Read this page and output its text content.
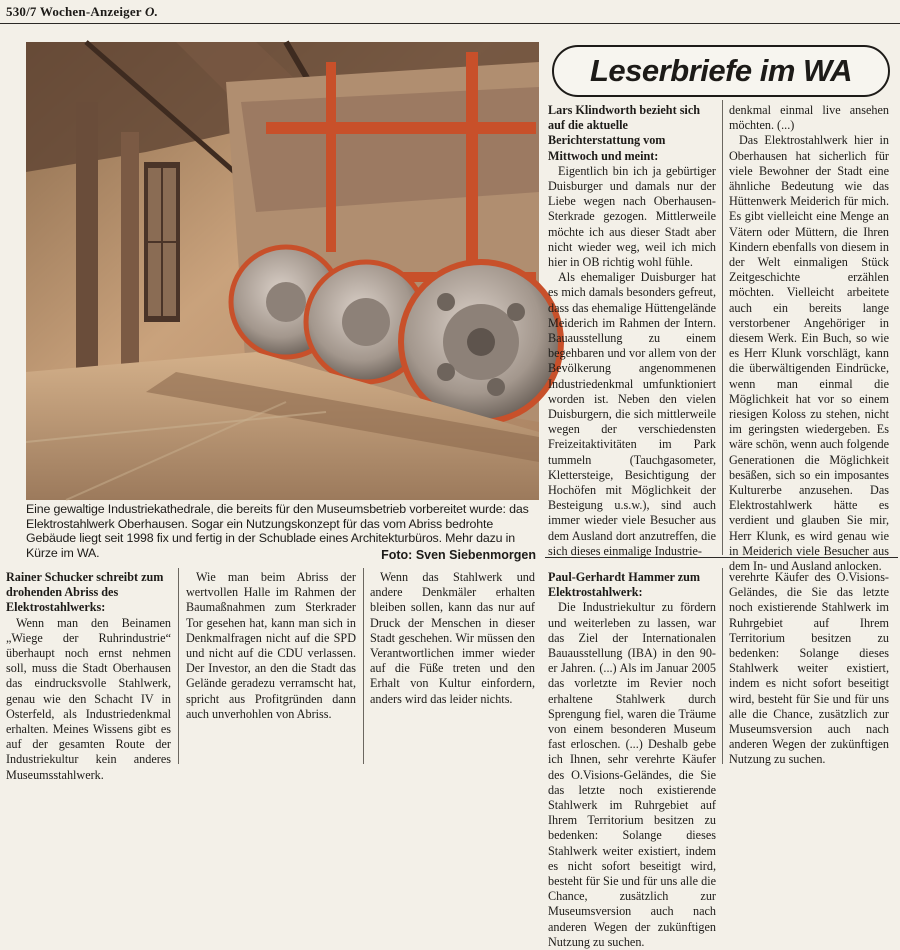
530/7 Wochen-Anzeiger O.

Eine gewaltige Industriekathedrale, die bereits für den Museumsbetrieb vorbereitet wurde: das Elektrostahlwerk Oberhausen. Sogar ein Nutzungskonzept für das vom Abriss bedrohte Gebäude liegt seit 1998 fix und fertig in der Schublade eines Architekturbüros. Mehr dazu in Kürze im WA.	Foto: Sven Siebenmorgen
Leserbriefe im WA

Lars Klindworth bezieht sich auf die aktuelle Berichterstattung vom Mittwoch und meint:

Eigentlich bin ich ja gebürtiger Duisburger und damals nur der Liebe wegen nach Oberhausen-Sterkrade gezogen. Mittlerweile möchte ich aus dieser Stadt aber nicht wieder weg, weil ich mich hier in OB richtig wohl fühle.

Als ehemaliger Duisburger hat es mich damals besonders gefreut, dass das ehemalige Hüttengelände Meiderich im Rahmen der Intern. Bauausstellung zu einem begehbaren und vor allem von der Bevölkerung angenommenen Industriedenkmal umfunktioniert worden ist. Neben den vielen Duisburgern, die sich mittlerweile wegen der verschiedensten Freizeitaktivitäten im Park tummeln (Tauchgasometer, Klettersteige, Besichtigung der Hochöfen mit Möglichkeit der Besteigung u.s.w.), sind auch immer wieder viele Besucher aus dem Ausland dort anzutreffen, die sich dieses einmalige Industrie-

denkmal einmal live ansehen möchten. (...)

Das Elektrostahlwerk hier in Oberhausen hat sicherlich für viele Bewohner der Stadt eine ähnliche Bedeutung wie das Hüttenwerk Meiderich für mich. Es gibt vielleicht eine Menge an Vätern oder Müttern, die Ihren Kindern ebenfalls von diesem in der Welt einmaligen Stück Zeitgeschichte erzählen möchten. Vielleicht arbeitete auch ein bereits lange verstorbener Angehöriger in diesem Werk. Ein Buch, so wie es Herr Klunk vorschlägt, kann die überwältigenden Eindrücke, wenn man einmal die Möglichkeit hat vor so einem riesigen Koloss zu stehen, nicht im geringsten wiedergeben. Es wäre schön, wenn auch folgende Generationen die Möglichkeit besäßen, sich so ein imposantes Kulturerbe anzusehen. Das Elektrostahlwerk hätte es verdient und glauben Sie mir, Herr Klunk, es wird genau wie in Meiderich viele Besucher aus dem In- und Ausland anlocken.

Rainer Schucker schreibt zum drohenden Abriss des Elektrostahlwerks:

Wenn man den Beinamen „Wiege der Ruhrindustrie“ überhaupt noch ernst nehmen soll, muss die Stadt Oberhausen das eindrucksvolle Stahlwerk, genau wie den Schacht IV in Osterfeld, als Industriedenkmal erhalten. Meines Wissens gibt es auf der gesamten Route der Industriekultur kein anderes Museumsstahlwerk.

Wie man beim Abriss der wertvollen Halle im Rahmen der Baumaßnahmen zum Sterkrader Tor gesehen hat, kann man sich in Denkmalfragen nicht auf die SPD und nicht auf die CDU verlassen. Der Investor, an den die Stadt das Gelände geradezu verramscht hat, spricht aus Profitgründen dann auch unverhohlen von Abriss.

Wenn das Stahlwerk und andere Denkmäler erhalten bleiben sollen, kann das nur auf Druck der Menschen in dieser Stadt geschehen. Wir müssen den Verantwortlichen immer wieder auf die Füße treten und den Erhalt von Kultur einfordern, anders wird das leider nichts.

Paul-Gerhardt Hammer zum Elektrostahlwerk:

Die Industriekultur zu fördern und weiterleben zu lassen, war das Ziel der Internationalen Bauausstellung (IBA) in den 90-er Jahren. (...) Als im Januar 2005 das vorletzte im Revier noch erhaltene Stahlwerk durch Sprengung fiel, waren die Träume von einem besonderen Museum fast erloschen. (...) Deshalb gebe ich Ihnen, sehr verehrte Käufer des O.Visions-Geländes, die Sie das letzte noch existierende Stahlwerk im Ruhrgebiet auf Ihrem Territorium besitzen zu bedenken: Solange dieses Stahlwerk weiter existiert, indem es nicht sofort beseitigt wird, besteht für Sie und für uns alle die Chance, zusätzlich zur Museumsversion auch nach anderen Wegen der zukünftigen Nutzung zu suchen.

verehrte Käufer des O.Visions-Geländes, die Sie das letzte noch existierende Stahlwerk im Ruhrgebiet auf Ihrem Territorium besitzen zu bedenken: Solange dieses Stahlwerk weiter existiert, indem es nicht sofort beseitigt wird, besteht für Sie und für uns alle die Chance, zusätzlich zur Museumsversion auch nach anderen Wegen der zukünftigen Nutzung zu suchen.
